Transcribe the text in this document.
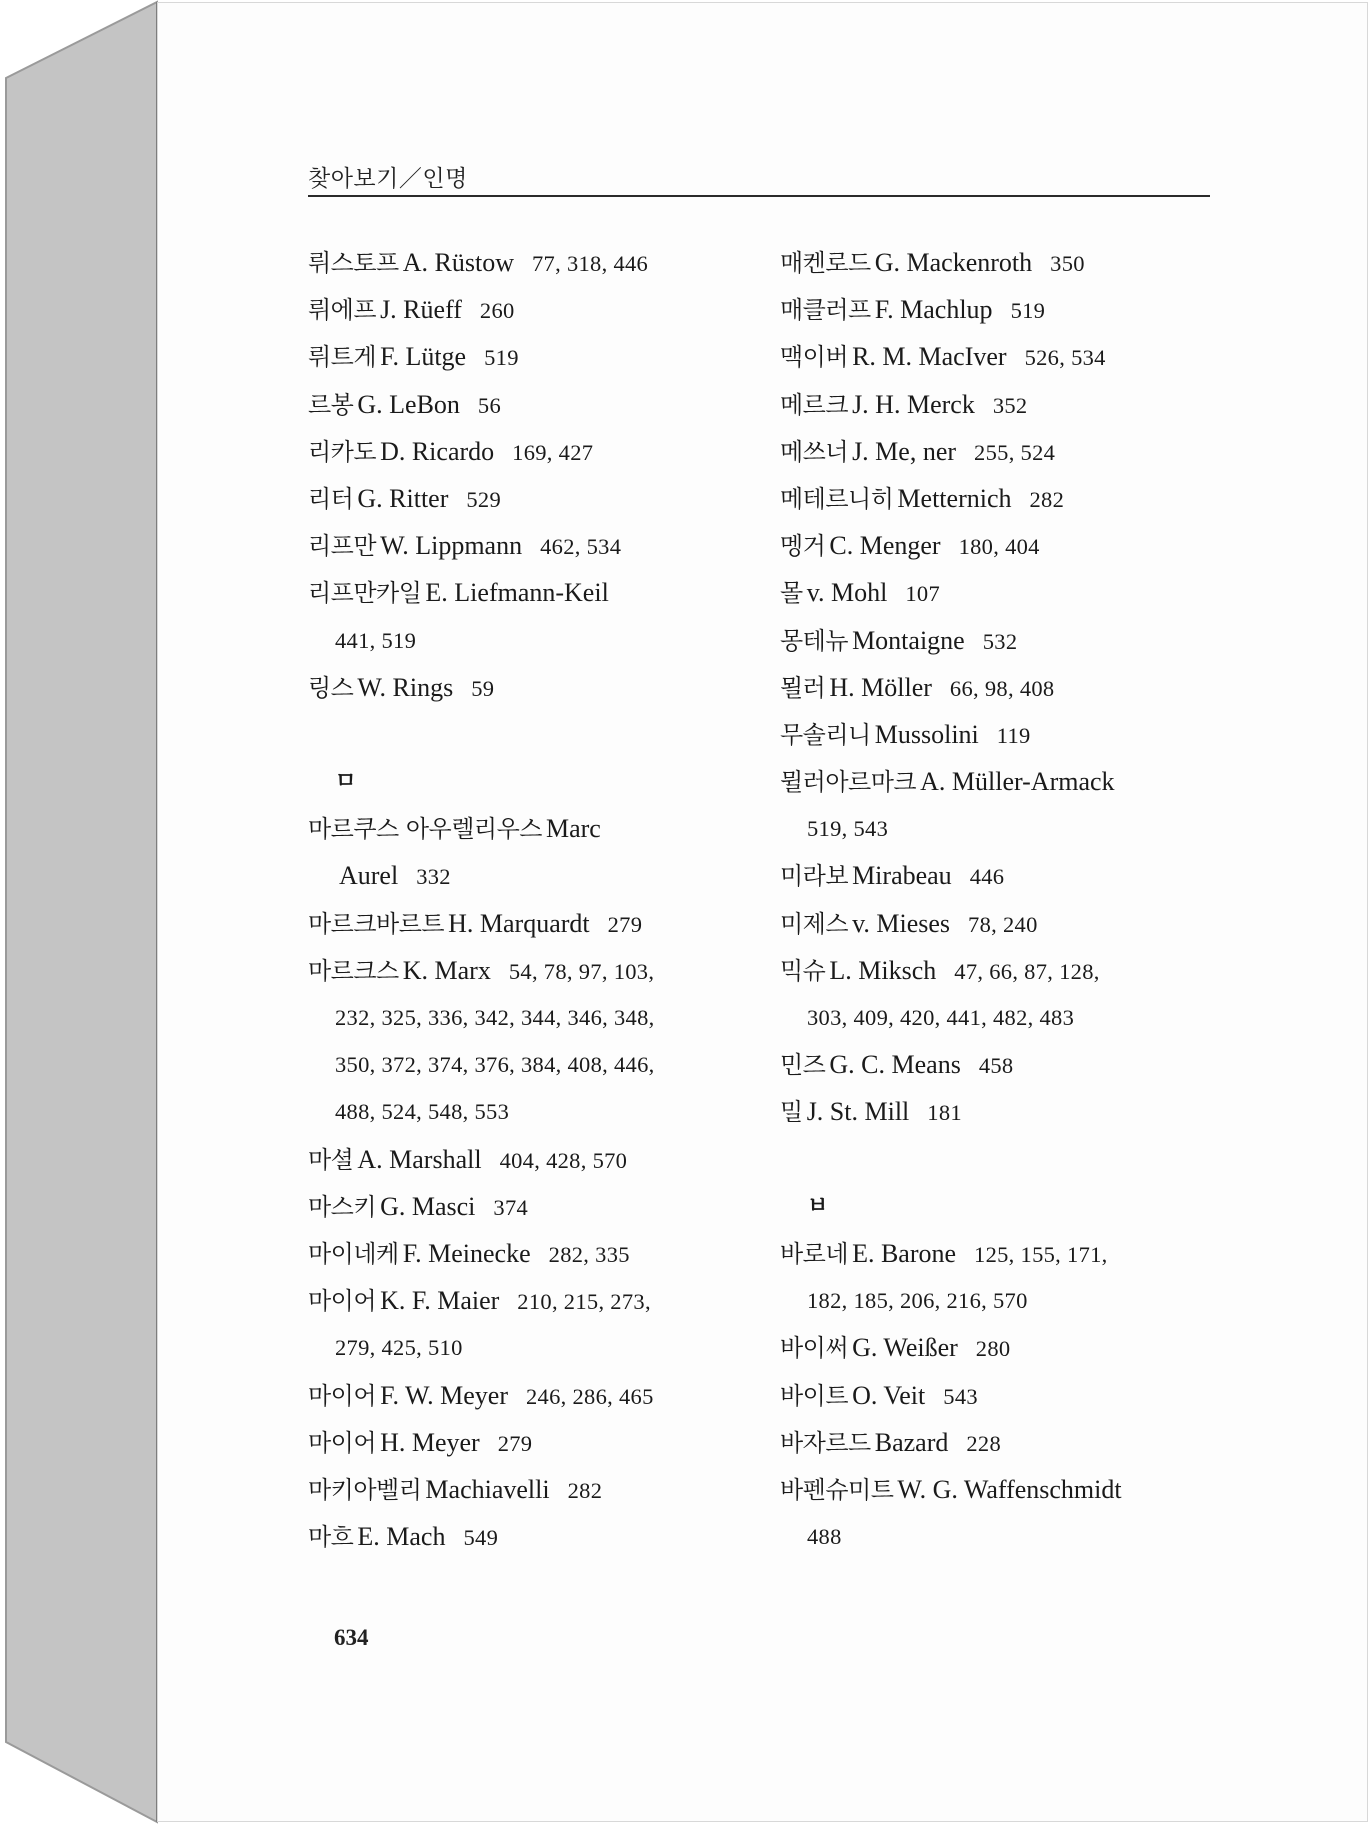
찾아보기／인명
뤼스토프 A. Rüstow 77, 318, 446
뤼에프 J. Rüeff 260
뤼트게 F. Lütge 519
르봉 G. LeBon 56
리카도 D. Ricardo 169, 427
리터 G. Ritter 529
리프만 W. Lippmann 462, 534
리프만카일 E. Liefmann-Keil
441, 519
링스 W. Rings 59
ㅁ
마르쿠스 아우렐리우스 Marc
Aurel 332
마르크바르트 H. Marquardt 279
마르크스 K. Marx 54, 78, 97, 103,
232, 325, 336, 342, 344, 346, 348,
350, 372, 374, 376, 384, 408, 446,
488, 524, 548, 553
마셜 A. Marshall 404, 428, 570
마스키 G. Masci 374
마이네케 F. Meinecke 282, 335
마이어 K. F. Maier 210, 215, 273,
279, 425, 510
마이어 F. W. Meyer 246, 286, 465
마이어 H. Meyer 279
마키아벨리 Machiavelli 282
마흐 E. Mach 549
매켄로드 G. Mackenroth 350
매클러프 F. Machlup 519
맥이버 R. M. MacIver 526, 534
메르크 J. H. Merck 352
메쓰너 J. Me, ner 255, 524
메테르니히 Metternich 282
멩거 C. Menger 180, 404
몰 v. Mohl 107
몽테뉴 Montaigne 532
묄러 H. Möller 66, 98, 408
무솔리니 Mussolini 119
뮐러아르마크 A. Müller-Armack
519, 543
미라보 Mirabeau 446
미제스 v. Mieses 78, 240
믹슈 L. Miksch 47, 66, 87, 128,
303, 409, 420, 441, 482, 483
민즈 G. C. Means 458
밀 J. St. Mill 181
ㅂ
바로네 E. Barone 125, 155, 171,
182, 185, 206, 216, 570
바이써 G. Weißer 280
바이트 O. Veit 543
바자르드 Bazard 228
바펜슈미트 W. G. Waffenschmidt
488
634
